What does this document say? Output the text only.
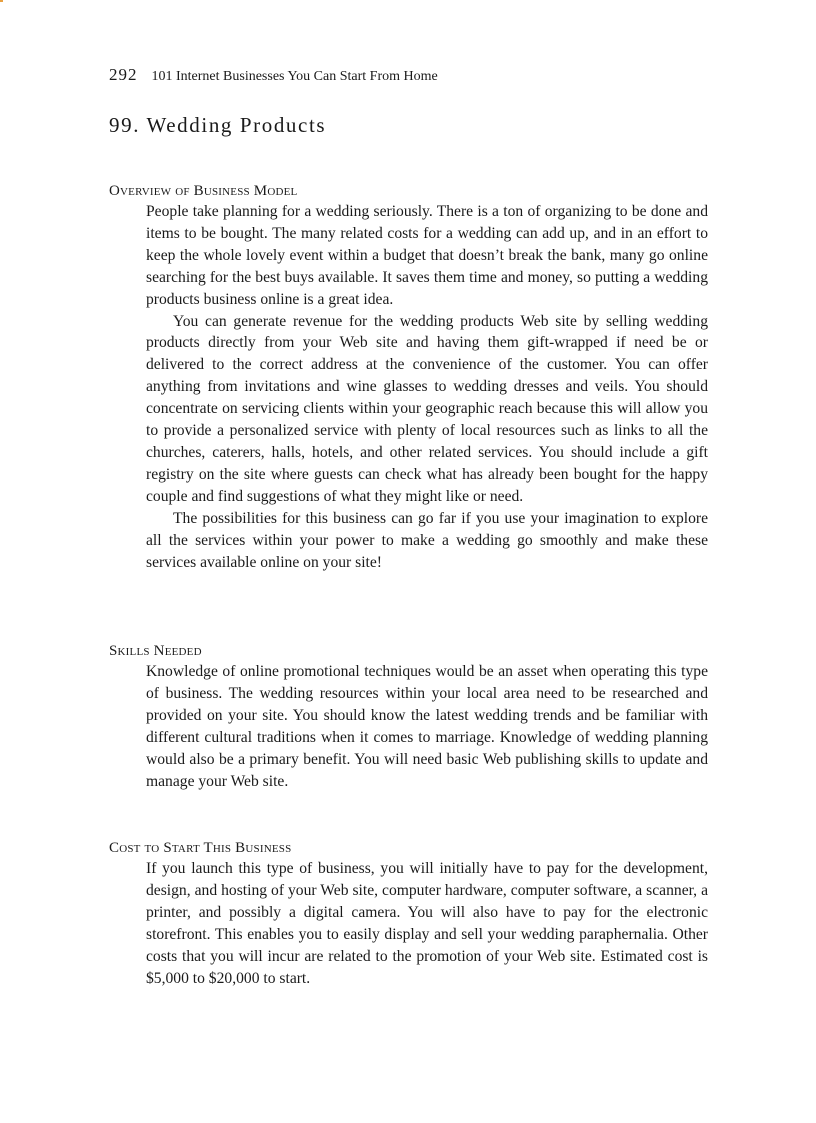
292 101 Internet Businesses You Can Start From Home
99. Wedding Products
Overview of Business Model

People take planning for a wedding seriously. There is a ton of organizing to be done and items to be bought. The many related costs for a wedding can add up, and in an effort to keep the whole lovely event within a budget that doesn’t break the bank, many go online searching for the best buys available. It saves them time and money, so putting a wedding products business online is a great idea.

You can generate revenue for the wedding products Web site by selling wedding products directly from your Web site and having them gift-wrapped if need be or delivered to the correct address at the convenience of the customer. You can offer anything from invitations and wine glasses to wedding dresses and veils. You should concentrate on servicing clients within your geographic reach because this will allow you to provide a personalized service with plenty of local resources such as links to all the churches, caterers, halls, hotels, and other related services. You should include a gift registry on the site where guests can check what has already been bought for the happy couple and find suggestions of what they might like or need.

The possibilities for this business can go far if you use your imagination to explore all the services within your power to make a wedding go smoothly and make these services available online on your site!

Skills Needed

Knowledge of online promotional techniques would be an asset when operating this type of business. The wedding resources within your local area need to be researched and provided on your site. You should know the latest wedding trends and be familiar with different cultural traditions when it comes to marriage. Knowledge of wedding planning would also be a primary benefit. You will need basic Web publishing skills to update and manage your Web site.

Cost to Start This Business

If you launch this type of business, you will initially have to pay for the development, design, and hosting of your Web site, computer hardware, computer software, a scanner, a printer, and possibly a digital camera. You will also have to pay for the electronic storefront. This enables you to easily display and sell your wedding paraphernalia. Other costs that you will incur are related to the promotion of your Web site. Estimated cost is $5,000 to $20,000 to start.
